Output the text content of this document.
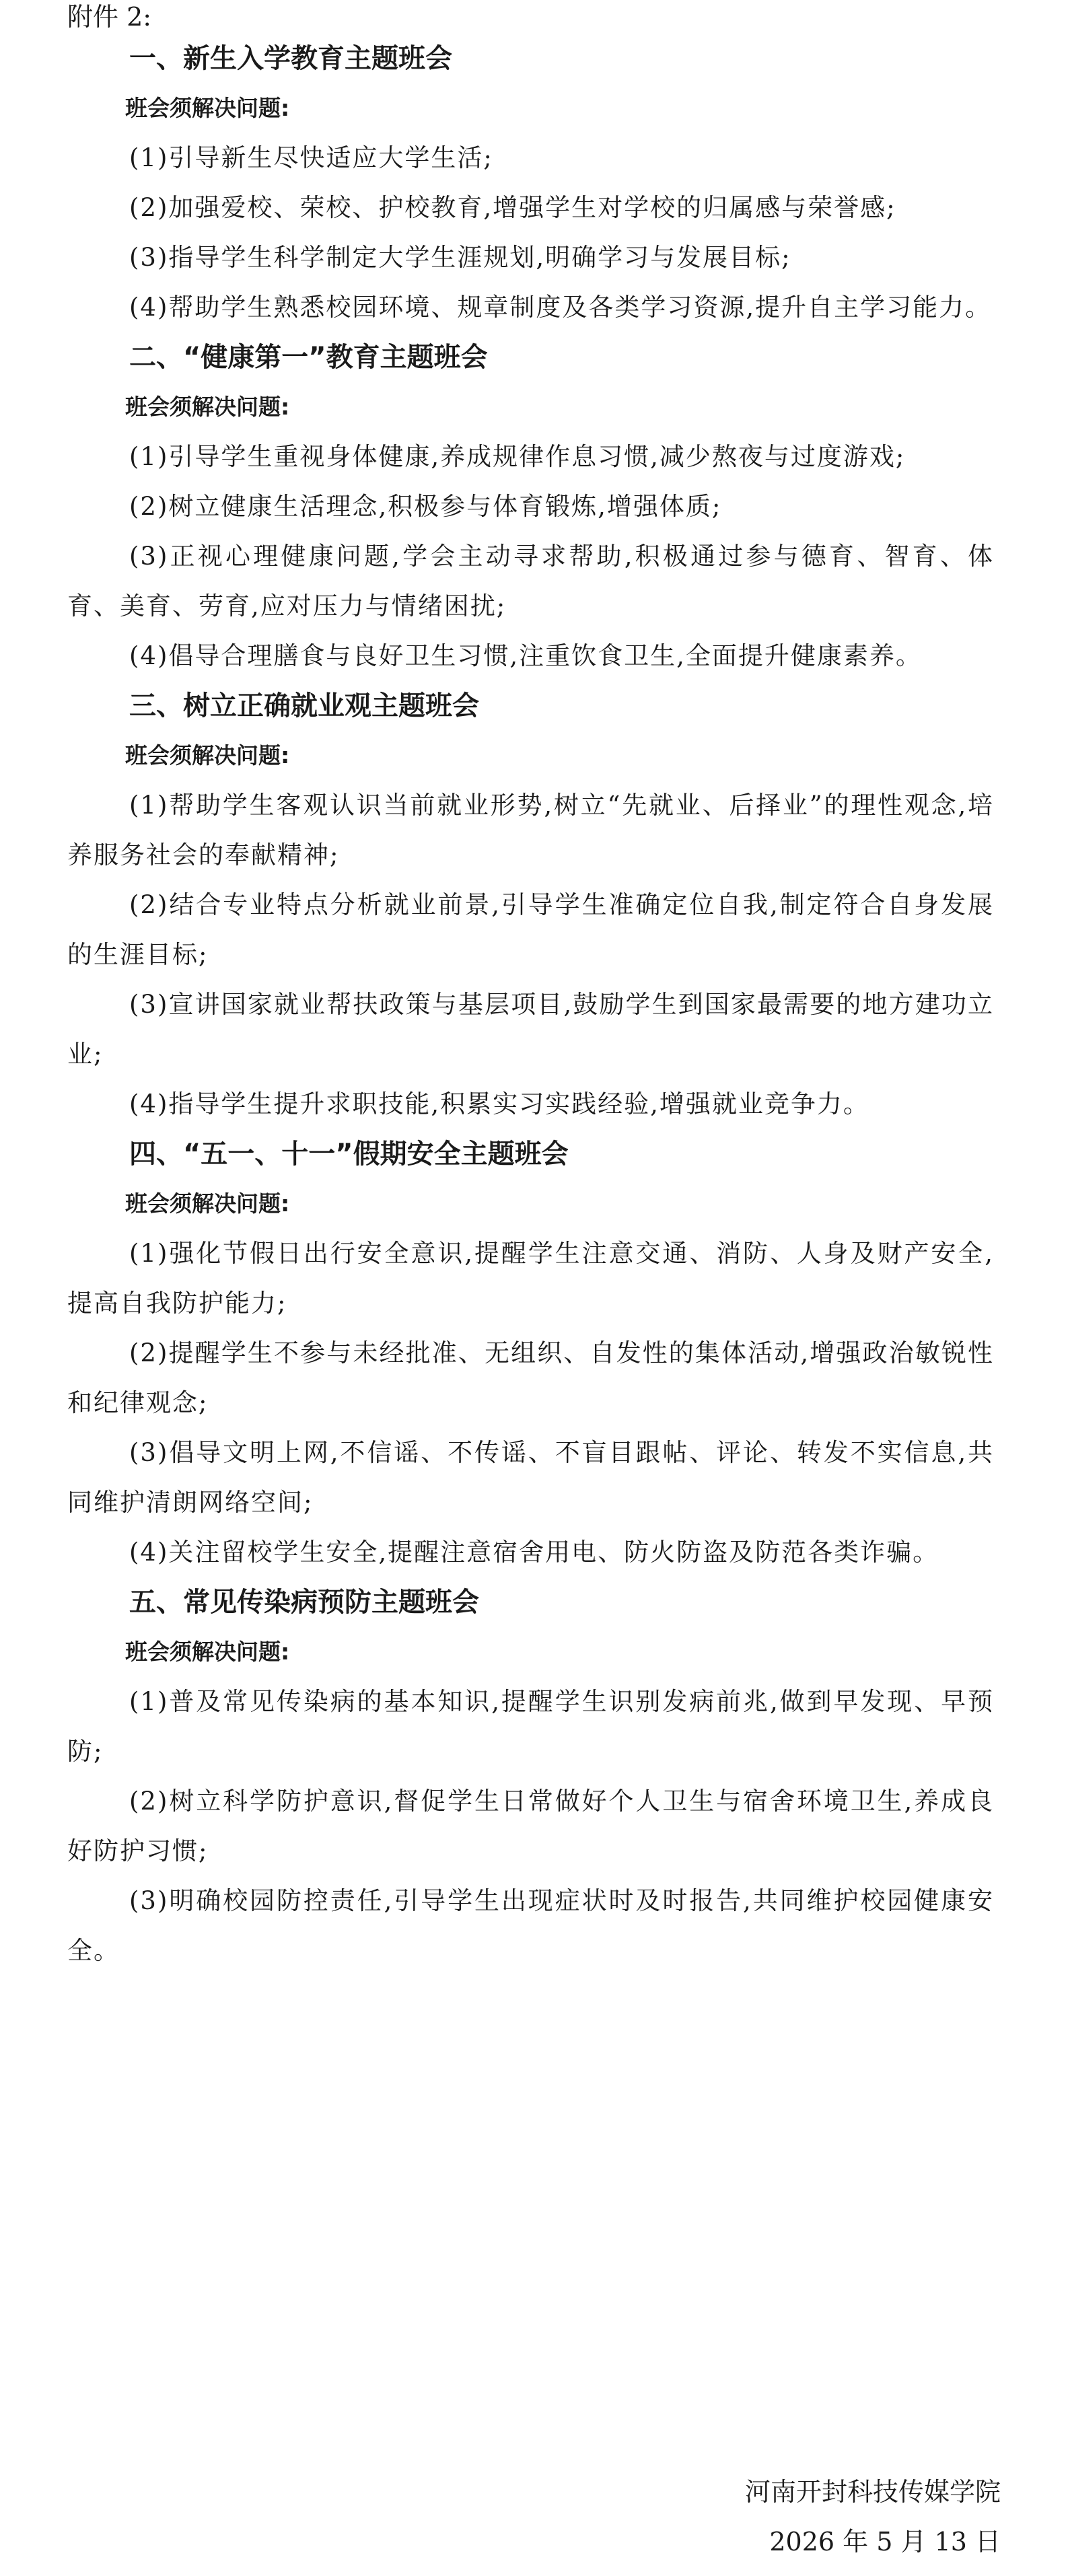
附件 2:
一、新生入学教育主题班会
班会须解决问题:

(1)引导新生尽快适应大学生活;

(2)加强爱校、荣校、护校教育,增强学生对学校的归属感与荣誉感;

(3)指导学生科学制定大学生涯规划,明确学习与发展目标;

(4)帮助学生熟悉校园环境、规章制度及各类学习资源,提升自主学习能力。

二、“健康第一”教育主题班会
班会须解决问题:

(1)引导学生重视身体健康,养成规律作息习惯,减少熬夜与过度游戏;

(2)树立健康生活理念,积极参与体育锻炼,增强体质;

(3)正视心理健康问题,学会主动寻求帮助,积极通过参与德育、智育、体育、美育、劳育,应对压力与情绪困扰;

(4)倡导合理膳食与良好卫生习惯,注重饮食卫生,全面提升健康素养。

三、树立正确就业观主题班会
班会须解决问题:

(1)帮助学生客观认识当前就业形势,树立“先就业、后择业”的理性观念,培养服务社会的奉献精神;

(2)结合专业特点分析就业前景,引导学生准确定位自我,制定符合自身发展的生涯目标;

(3)宣讲国家就业帮扶政策与基层项目,鼓励学生到国家最需要的地方建功立业;

(4)指导学生提升求职技能,积累实习实践经验,增强就业竞争力。

四、“五一、十一”假期安全主题班会
班会须解决问题:

(1)强化节假日出行安全意识,提醒学生注意交通、消防、人身及财产安全,提高自我防护能力;

(2)提醒学生不参与未经批准、无组织、自发性的集体活动,增强政治敏锐性和纪律观念;

(3)倡导文明上网,不信谣、不传谣、不盲目跟帖、评论、转发不实信息,共同维护清朗网络空间;

(4)关注留校学生安全,提醒注意宿舍用电、防火防盗及防范各类诈骗。

五、常见传染病预防主题班会
班会须解决问题:

(1)普及常见传染病的基本知识,提醒学生识别发病前兆,做到早发现、早预防;

(2)树立科学防护意识,督促学生日常做好个人卫生与宿舍环境卫生,养成良好防护习惯;

(3)明确校园防控责任,引导学生出现症状时及时报告,共同维护校园健康安全。

河南开封科技传媒学院
2026 年 5 月 13 日
